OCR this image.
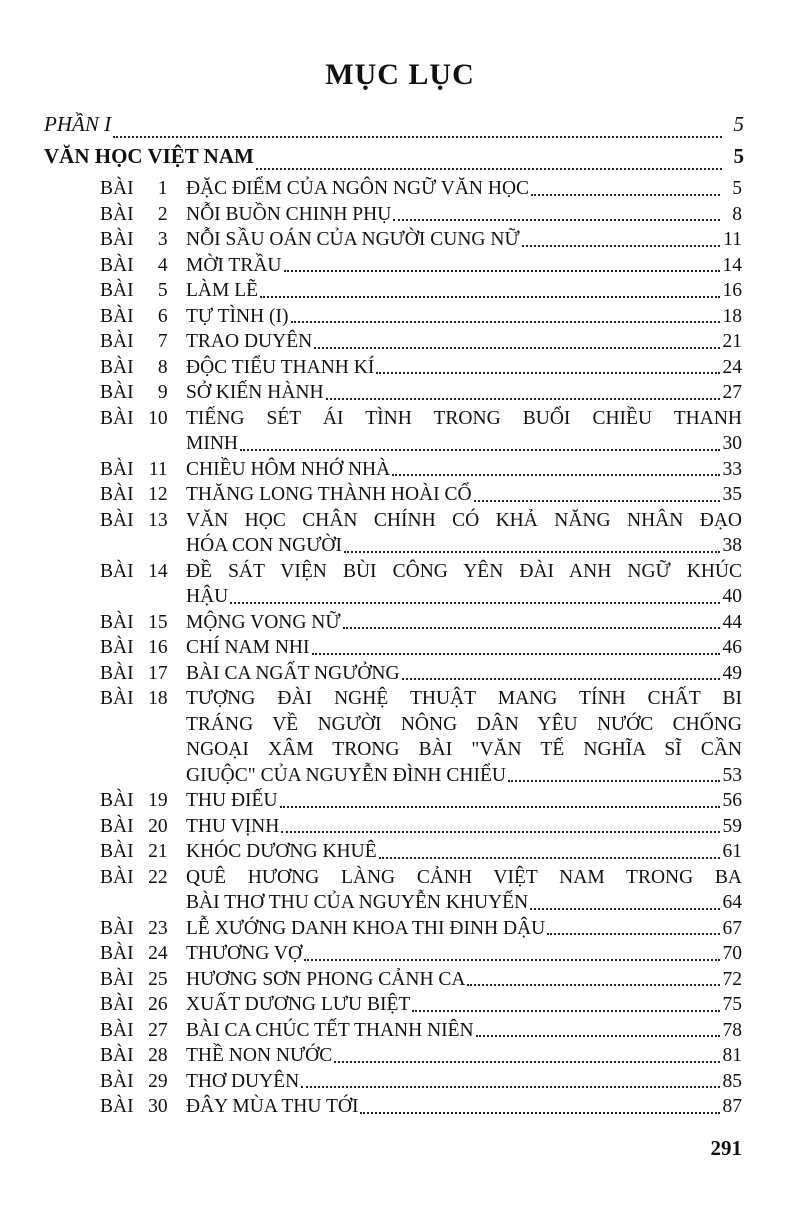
MỤC LỤC
PHẦN I	5
VĂN HỌC VIỆT NAM	5
BÀI 1 ĐẶC ĐIỂM CỦA NGÔN NGỮ VĂN HỌC	5
BÀI 2 NỖI BUỒN CHINH PHỤ	8
BÀI 3 NỖI SẦU OÁN CỦA NGƯỜI CUNG NỮ	11
BÀI 4 MỜI TRẦU	14
BÀI 5 LÀM LẼ	16
BÀI 6 TỰ TÌNH (I)	18
BÀI 7 TRAO DUYÊN	21
BÀI 8 ĐỘC TIỂU THANH KÍ	24
BÀI 9 SỞ KIẾN HÀNH	27
BÀI 10 TIẾNG SÉT ÁI TÌNH TRONG BUỔI CHIỀU THANH
MINH	30
BÀI 11 CHIỀU HÔM NHỚ NHÀ	33
BÀI 12 THĂNG LONG THÀNH HOÀI CỔ	35
BÀI 13 VĂN HỌC CHÂN CHÍNH CÓ KHẢ NĂNG NHÂN ĐẠO
HÓA CON NGƯỜI	38
BÀI 14 ĐỀ SÁT VIỆN BÙI CÔNG YÊN ĐÀI ANH NGỮ KHÚC
HẬU	40
BÀI 15 MỘNG VONG NỮ	44
BÀI 16 CHÍ NAM NHI	46
BÀI 17 BÀI CA NGẤT NGƯỞNG	49
BÀI 18 TƯỢNG ĐÀI NGHỆ THUẬT MANG TÍNH CHẤT BI
TRÁNG VỀ NGƯỜI NÔNG DÂN YÊU NƯỚC CHỐNG
NGOẠI XÂM TRONG BÀI "VĂN TẾ NGHĨA SĨ CẦN
GIUỘC" CỦA NGUYỄN ĐÌNH CHIỂU	53
BÀI 19 THU ĐIẾU	56
BÀI 20 THU VỊNH	59
BÀI 21 KHÓC DƯƠNG KHUÊ	61
BÀI 22 QUÊ HƯƠNG LÀNG CẢNH VIỆT NAM TRONG BA
BÀI THƠ THU CỦA NGUYỄN KHUYẾN	64
BÀI 23 LỄ XƯỚNG DANH KHOA THI ĐINH DẬU	67
BÀI 24 THƯƠNG VỢ	70
BÀI 25 HƯƠNG SƠN PHONG CẢNH CA	72
BÀI 26 XUẤT DƯƠNG LƯU BIỆT	75
BÀI 27 BÀI CA CHÚC TẾT THANH NIÊN	78
BÀI 28 THỀ NON NƯỚC	81
BÀI 29 THƠ DUYÊN	85
BÀI 30 ĐÂY MÙA THU TỚI	87
291
